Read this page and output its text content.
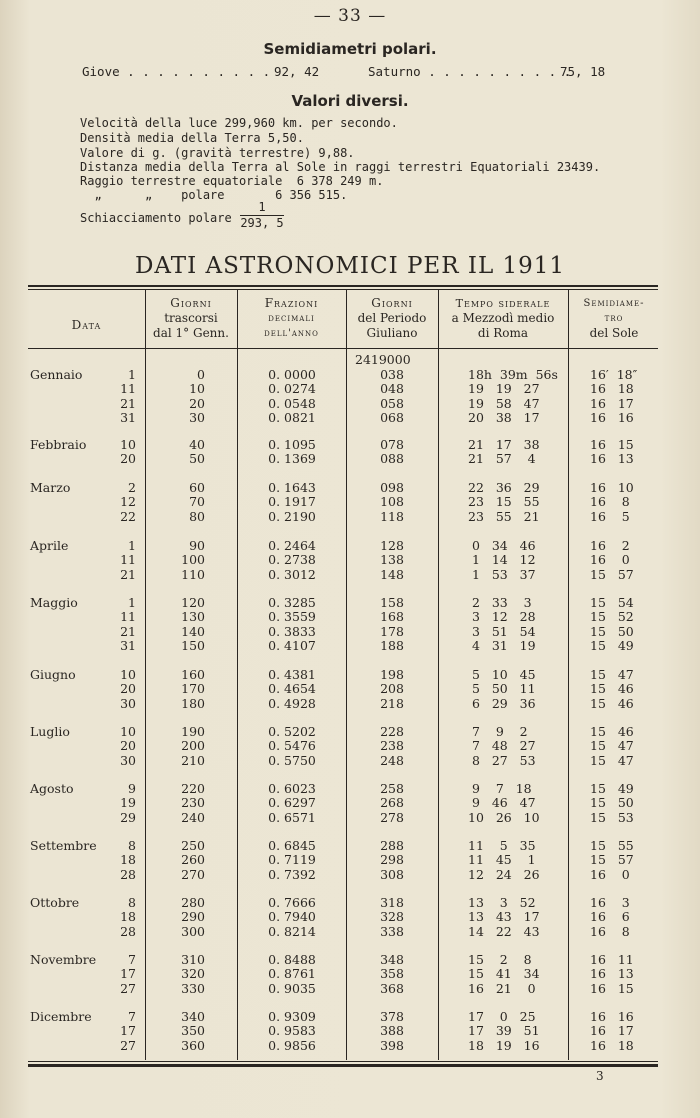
— 33 —
Semidiametri polari.
Giove . . . . . . . . . . 92, 42	Saturno . . . . . . . . . .
75, 18
Valori diversi.
Velocità della luce 299,960 km. per secondo.
Densità media della Terra 5,50.
Valore di g. (gravità terrestre) 9,88.
Distanza media della Terra al Sole in raggi terrestri Equatoriali 23439.
Raggio terrestre equatoriale  6 378 249 m.
„      „    polare       6 356 515.
Schiacciamento polare $\frac{1}{293, 5}$
DATI ASTRONOMICI PER IL 1911
Data
Giorni
trascorsi
dal 1° Genn.
Frazioni
decimali
dell'anno
Giorni
del Periodo
Giuliano
Tempo siderale
a Mezzodì medio
di Roma
Semidiame-
tro
del Sole
2419000
Gennaio	1	0	0. 0000	038	18h  39m  56s	16′  18″
11	10	0. 0274	048	19   19   27	16   18
21	20	0. 0548	058	19   58   47	16   17
31	30	0. 0821	068	20   38   17	16   16
Febbraio	10	40	0. 1095	078	21   17   38	16   15
20	50	0. 1369	088	21   57    4	16   13
Marzo	2	60	0. 1643	098	22   36   29	16   10
12	70	0. 1917	108	23   15   55	16    8
22	80	0. 2190	118	23   55   21	16    5
Aprile	1	90	0. 2464	128	0   34   46	16    2
11	100	0. 2738	138	1   14   12	16    0
21	110	0. 3012	148	1   53   37	15   57
Maggio	1	120	0. 3285	158	2   33    3	15   54
11	130	0. 3559	168	3   12   28	15   52
21	140	0. 3833	178	3   51   54	15   50
31	150	0. 4107	188	4   31   19	15   49
Giugno	10	160	0. 4381	198	5   10   45	15   47
20	170	0. 4654	208	5   50   11	15   46
30	180	0. 4928	218	6   29   36	15   46
Luglio	10	190	0. 5202	228	7    9    2	15   46
20	200	0. 5476	238	7   48   27	15   47
30	210	0. 5750	248	8   27   53	15   47
Agosto	9	220	0. 6023	258	9    7   18	15   49
19	230	0. 6297	268	9   46   47	15   50
29	240	0. 6571	278	10   26   10	15   53
Settembre	8	250	0. 6845	288	11    5   35	15   55
18	260	0. 7119	298	11   45    1	15   57
28	270	0. 7392	308	12   24   26	16    0
Ottobre	8	280	0. 7666	318	13    3   52	16    3
18	290	0. 7940	328	13   43   17	16    6
28	300	0. 8214	338	14   22   43	16    8
Novembre	7	310	0. 8488	348	15    2    8	16   11
17	320	0. 8761	358	15   41   34	16   13
27	330	0. 9035	368	16   21    0	16   15
Dicembre	7	340	0. 9309	378	17    0   25	16   16
17	350	0. 9583	388	17   39   51	16   17
27	360	0. 9856	398	18   19   16	16   18
3
